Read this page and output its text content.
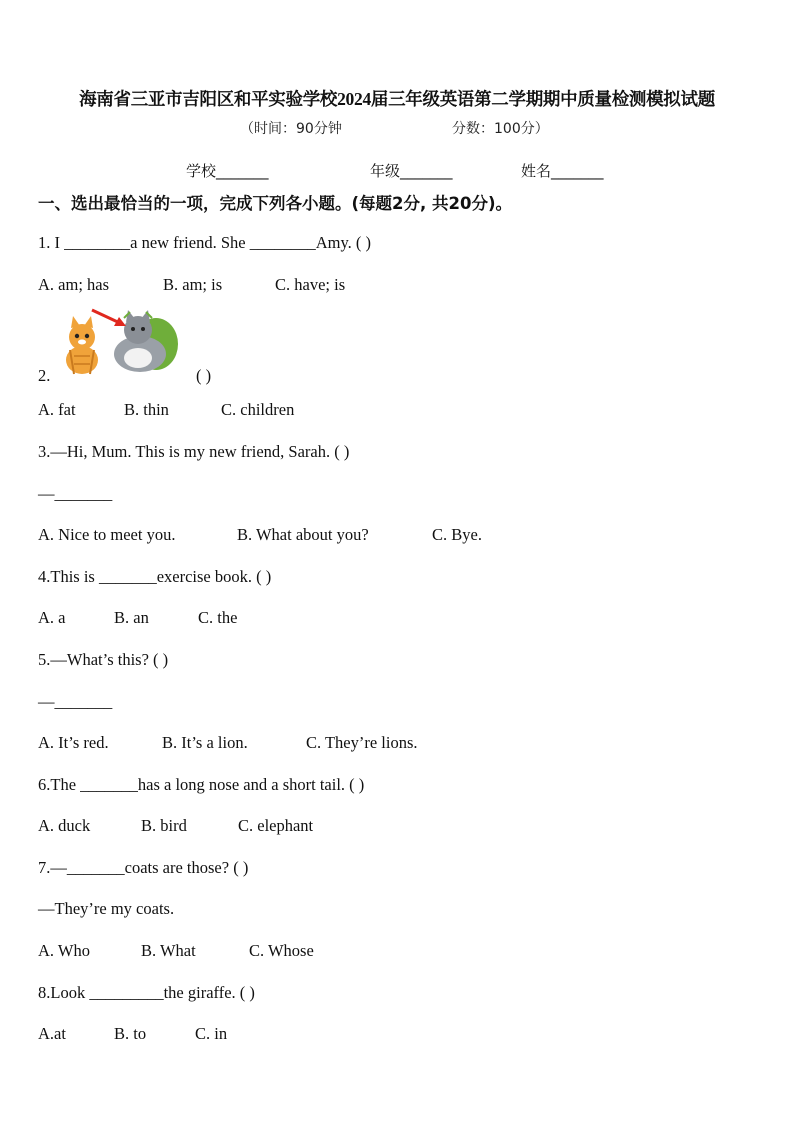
海南省三亚市吉阳区和平实验学校2024届三年级英语第二学期期中质量检测模拟试题
（时间：90分钟	分数：100分）
学校_______	年级_______	姓名_______
一、选出最恰当的一项，完成下列各小题。(每题2分, 共20分)。
1. I ________a new friend. She ________Amy. ( )
A. am; has	B. am; is	C. have; is
2.	( )
A. fat	B. thin	C. children
3.—Hi, Mum. This is my new friend, Sarah. ( )
—_______
A. Nice to meet you.	B. What about you?	C. Bye.
4.This is _______exercise book. ( )
A. a	B. an	C. the
5.—What’s this? ( )
—_______
A. It’s red.	B. It’s a lion.	C. They’re lions.
6.The _______has a long nose and a short tail. ( )
A. duck	B. bird	C. elephant
7.—_______coats are those? ( )
—They’re my coats.
A. Who	B. What	C. Whose
8.Look _________the giraffe. ( )
A.at	B. to	C. in
